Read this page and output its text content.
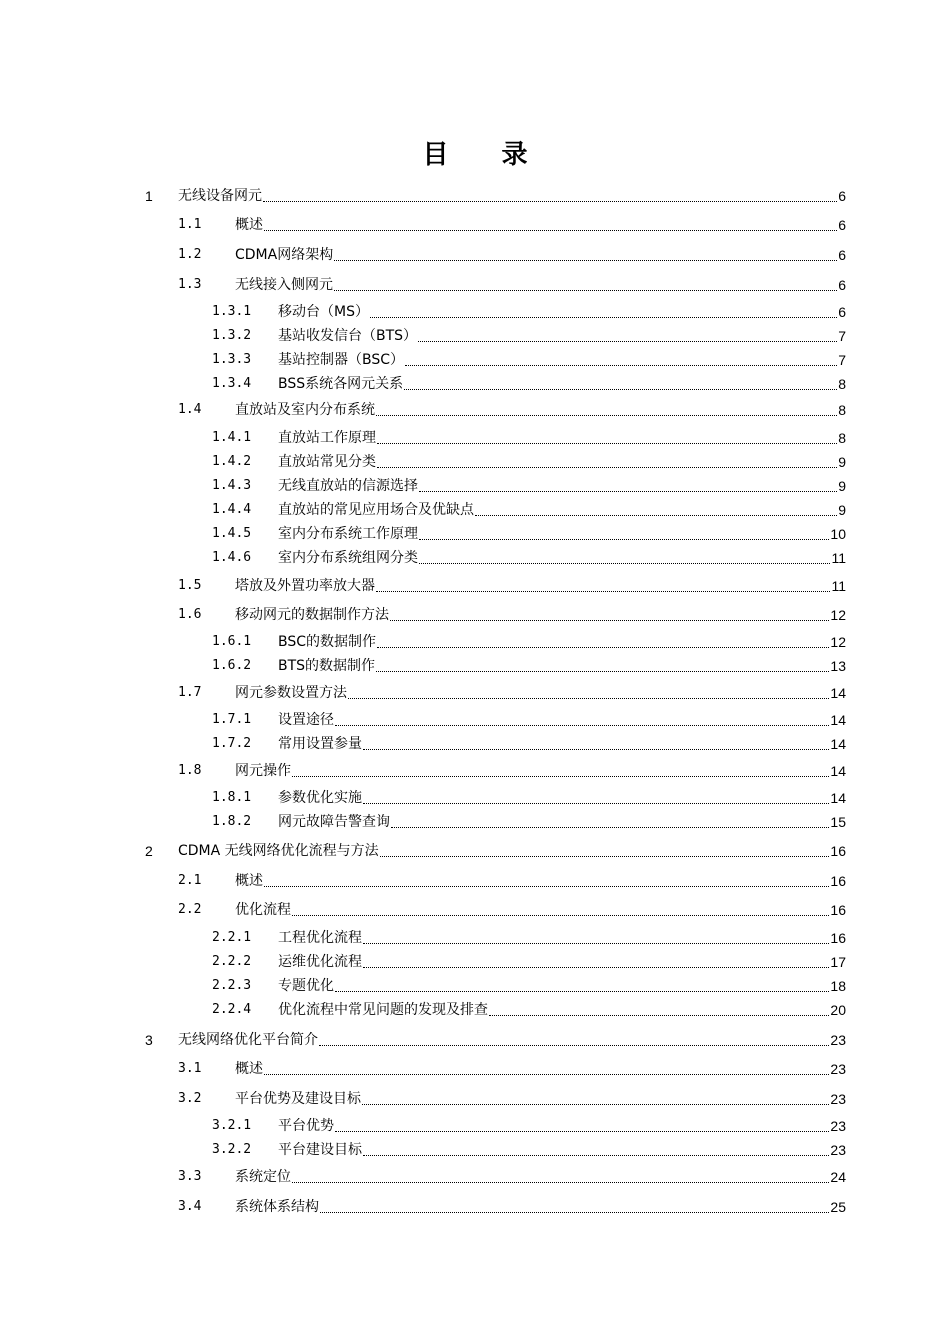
目 录
1 无线设备网元	6
1.1 概述	6
1.2 CDMA网络架构	6
1.3 无线接入侧网元	6
1.3.1 移动台（MS）	6
1.3.2 基站收发信台（BTS）	7
1.3.3 基站控制器（BSC）	7
1.3.4 BSS系统各网元关系	8
1.4 直放站及室内分布系统	8
1.4.1 直放站工作原理	8
1.4.2 直放站常见分类	9
1.4.3 无线直放站的信源选择	9
1.4.4 直放站的常见应用场合及优缺点	9
1.4.5 室内分布系统工作原理	10
1.4.6 室内分布系统组网分类	11
1.5 塔放及外置功率放大器	11
1.6 移动网元的数据制作方法	12
1.6.1 BSC的数据制作	12
1.6.2 BTS的数据制作	13
1.7 网元参数设置方法	14
1.7.1 设置途径	14
1.7.2 常用设置参量	14
1.8 网元操作	14
1.8.1 参数优化实施	14
1.8.2 网元故障告警查询	15
2 CDMA 无线网络优化流程与方法	16
2.1 概述	16
2.2 优化流程	16
2.2.1 工程优化流程	16
2.2.2 运维优化流程	17
2.2.3 专题优化	18
2.2.4 优化流程中常见问题的发现及排查	20
3 无线网络优化平台简介	23
3.1 概述	23
3.2 平台优势及建设目标	23
3.2.1 平台优势	23
3.2.2 平台建设目标	23
3.3 系统定位	24
3.4 系统体系结构	25
